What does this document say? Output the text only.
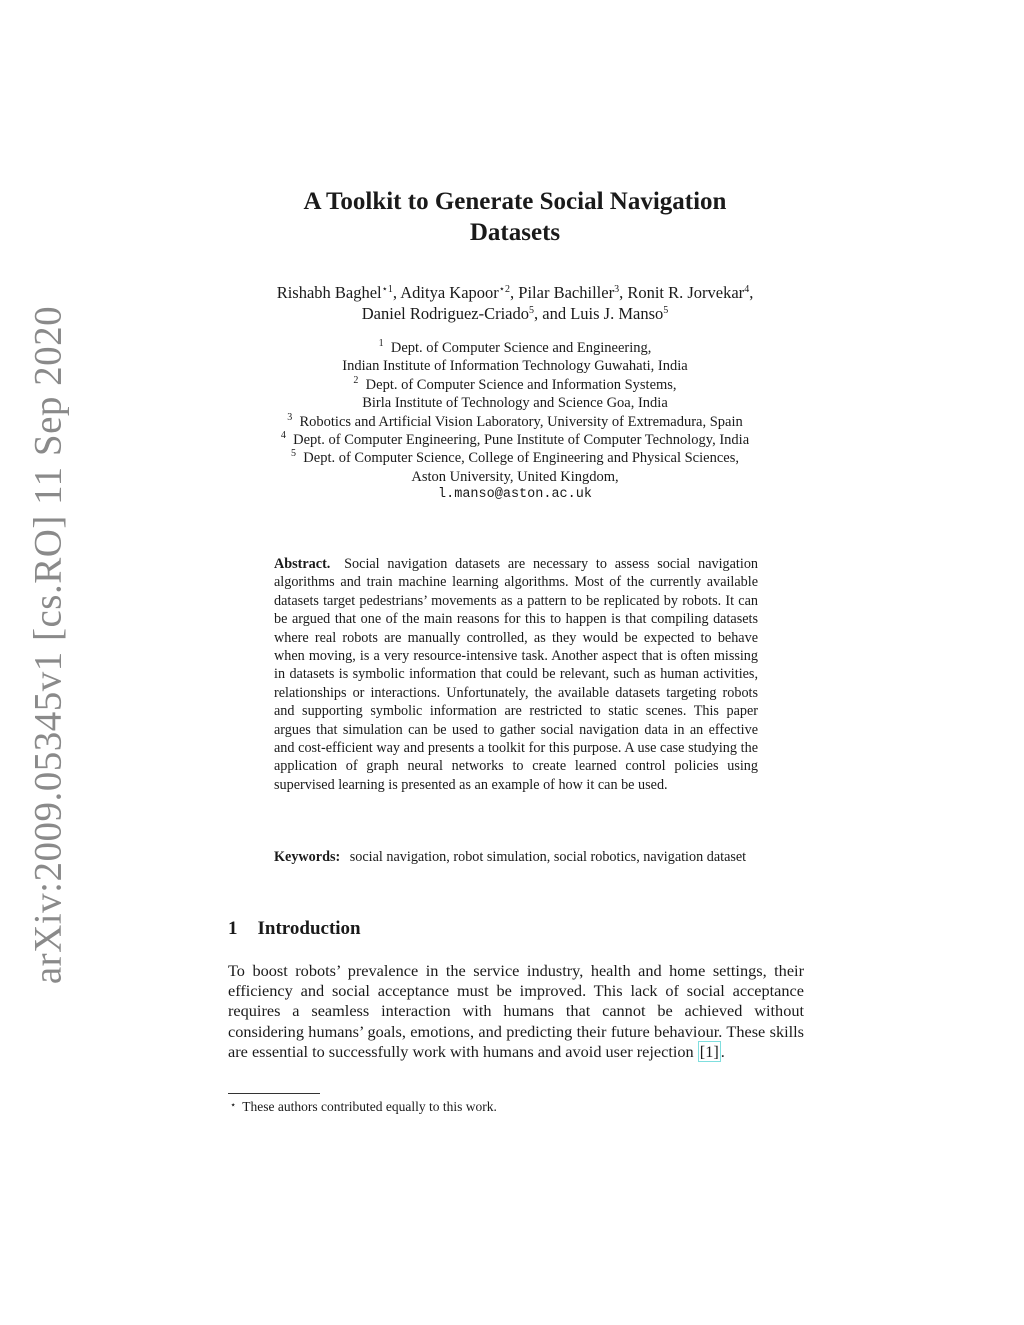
arXiv:2009.05345v1 [cs.RO] 11 Sep 2020
A Toolkit to Generate Social Navigation
Datasets
Rishabh Baghel$^{⋆1}$, Aditya Kapoor$^{⋆2}$, Pilar Bachiller$^3$, Ronit R. Jorvekar$^4$,
Daniel Rodriguez-Criado$^5$, and Luis J. Manso$^5$
$^1$ Dept. of Computer Science and Engineering,
Indian Institute of Information Technology Guwahati, India
$^2$ Dept. of Computer Science and Information Systems,
Birla Institute of Technology and Science Goa, India
$^3$ Robotics and Artificial Vision Laboratory, University of Extremadura, Spain
$^4$ Dept. of Computer Engineering, Pune Institute of Computer Technology, India
$^5$ Dept. of Computer Science, College of Engineering and Physical Sciences,
Aston University, United Kingdom,
l.manso@aston.ac.uk
Abstract. Social navigation datasets are necessary to assess social navigation algorithms and train machine learning algorithms. Most of the currently available datasets target pedestrians’ movements as a pattern to be replicated by robots. It can be argued that one of the main reasons for this to happen is that compiling datasets where real robots are manually controlled, as they would be expected to behave when moving, is a very resource-intensive task. Another aspect that is often missing in datasets is symbolic information that could be relevant, such as human activities, relationships or interactions. Unfortunately, the available datasets targeting robots and supporting symbolic information are restricted to static scenes. This paper argues that simulation can be used to gather social navigation data in an effective and cost-efficient way and presents a toolkit for this purpose. A use case studying the application of graph neural networks to create learned control policies using supervised learning is presented as an example of how it can be used.
Keywords: social navigation, robot simulation, social robotics, navigation dataset
1 Introduction
To boost robots’ prevalence in the service industry, health and home settings, their efficiency and social acceptance must be improved. This lack of social acceptance requires a seamless interaction with humans that cannot be achieved without considering humans’ goals, emotions, and predicting their future behaviour. These skills are essential to successfully work with humans and avoid user rejection [1] .
⋆ These authors contributed equally to this work.
